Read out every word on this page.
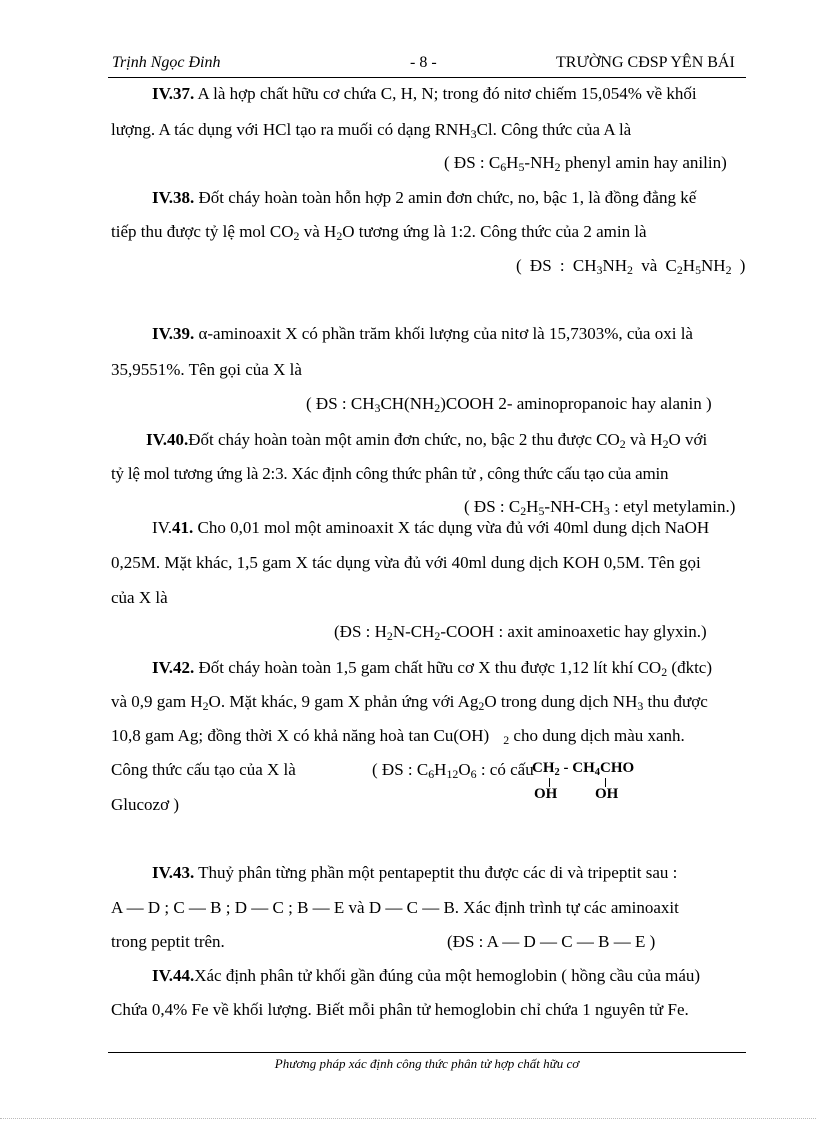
Trịnh Ngọc Đinh	- 8 -	TRƯỜNG CĐSP YÊN BÁI
IV.37. A là hợp chất hữu cơ chứa C, H, N; trong đó nitơ chiếm 15,054% về khối
lượng. A tác dụng với HCl tạo ra muối có dạng $RNH_3Cl$. Công thức của A là
( ĐS : $C_6H_5-NH_2$ phenyl amin hay anilin)
IV.38. Đốt cháy hoàn toàn hỗn hợp 2 amin đơn chức, no, bậc 1, là đồng đẳng kế
tiếp thu được tỷ lệ mol $CO_2$ và $H_2O$ tương ứng là 1:2. Công thức của 2 amin là
( ĐS : $CH_3NH_2$ và $C_2H_5NH_2$ )
IV.39. α-aminoaxit X có phần trăm khối lượng của nitơ là 15,7303%, của oxi là
35,9551%. Tên gọi của X là
( ĐS : $CH_3CH(NH_2)COOH$ 2- aminopropanoic hay alanin )
IV.40.Đốt cháy hoàn toàn một amin đơn chức, no, bậc 2 thu được $CO_2$ và $H_2O$ với
tỷ lệ mol tương ứng là 2:3. Xác định công thức phân tử , công thức cấu tạo của amin
( ĐS : $C_2H_5-NH-CH_3$ : etyl metylamin.)
IV.41. Cho 0,01 mol một aminoaxit X tác dụng vừa đủ với 40ml dung dịch NaOH
0,25M. Mặt khác, 1,5 gam X tác dụng vừa đủ với 40ml dung dịch KOH 0,5M. Tên gọi
của X là
(ĐS : $H_2N-CH_2$-COOH : axit aminoaxetic hay glyxin.)
IV.42. Đốt cháy hoàn toàn 1,5 gam chất hữu cơ X thu được 1,12 lít khí $CO_2$ (đktc)
và 0,9 gam $H_2O$. Mặt khác, 9 gam X phản ứng với $Ag_2O$ trong dung dịch $NH_3$ thu được
10,8 gam Ag; đồng thời X có khả năng hoà tan Cu(OH) $_2$ cho dung dịch màu xanh.
Công thức cấu tạo của X là	( ĐS : $C_6H_{12}O_6$ : có cấu
$CH_2 - CH_4CHO$
OH	OH
Glucozơ )
IV.43. Thuỷ phân từng phần một pentapeptit thu được các di và tripeptit sau :
A — D ; C — B ; D — C ; B — E và D — C — B. Xác định trình tự các aminoaxit
trong peptit trên.	(ĐS : A — D — C — B — E )
IV.44.Xác định phân tử khối gần đúng của một hemoglobin ( hồng cầu của máu)
Chứa 0,4% Fe về khối lượng. Biết mỗi phân tử hemoglobin chỉ chứa 1 nguyên tử Fe.
Phương pháp xác định công thức phân tử hợp chất hữu cơ
